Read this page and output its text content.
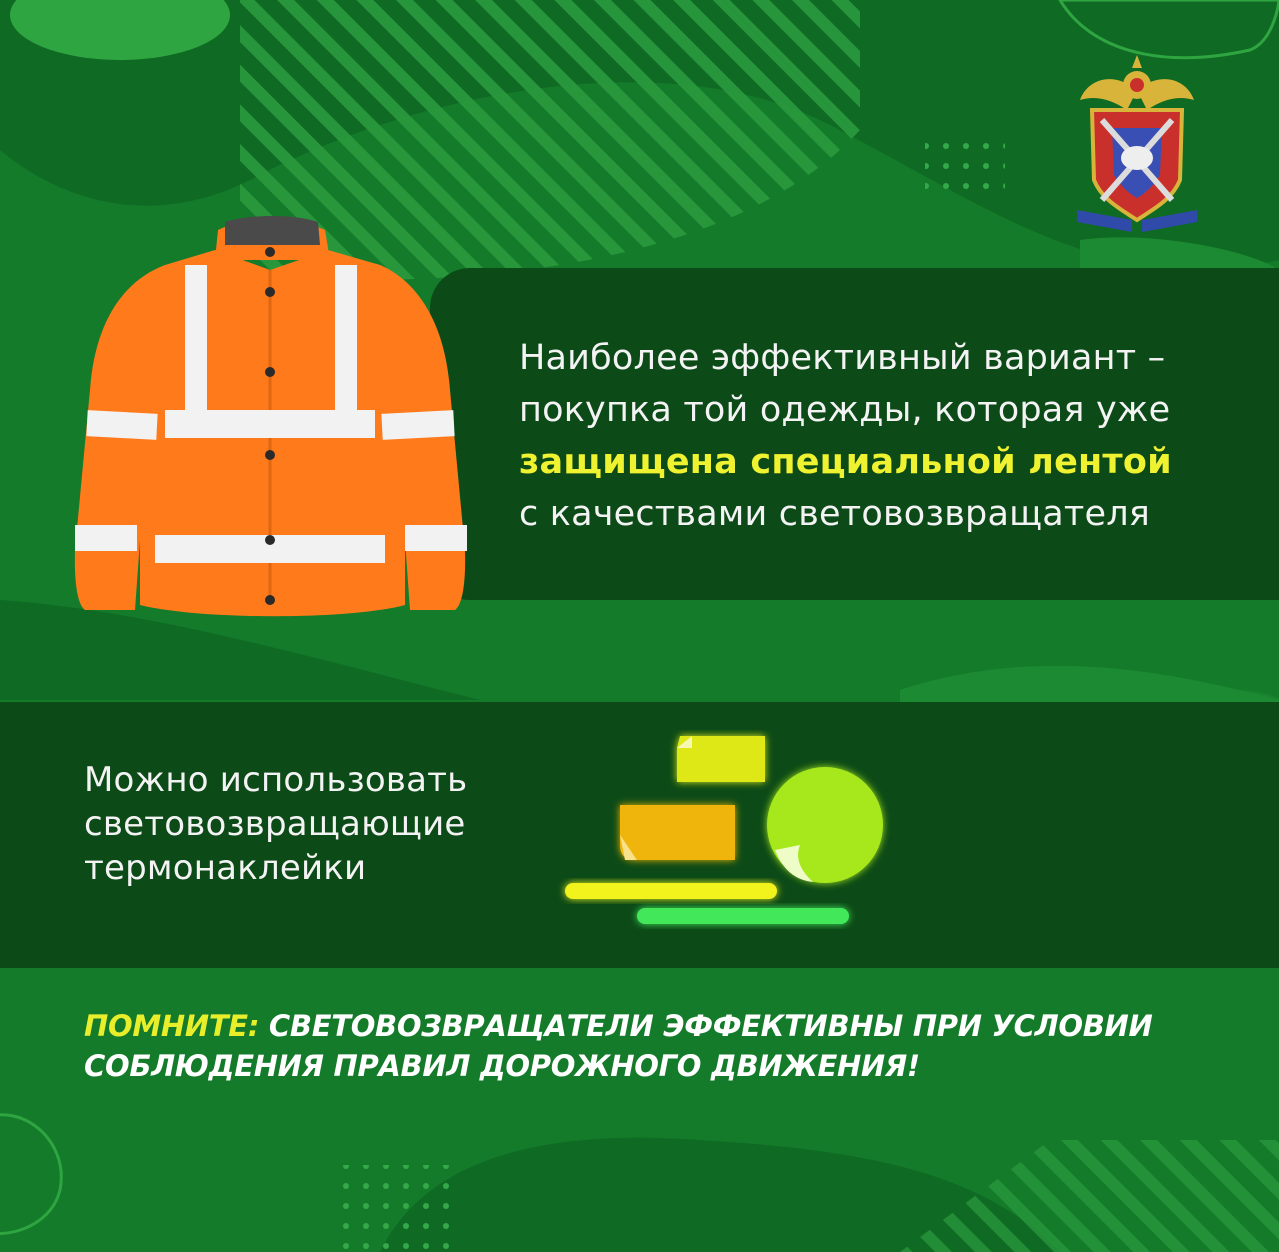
Наиболее эффективный вариант –
покупка той одежды, которая уже
защищена специальной лентой
с качествами световозвращателя
Можно использовать
световозвращающие
термонаклейки
ПОМНИТЕ: СВЕТОВОЗВРАЩАТЕЛИ ЭФФЕКТИВНЫ ПРИ УСЛОВИИ
СОБЛЮДЕНИЯ ПРАВИЛ ДОРОЖНОГО ДВИЖЕНИЯ!
